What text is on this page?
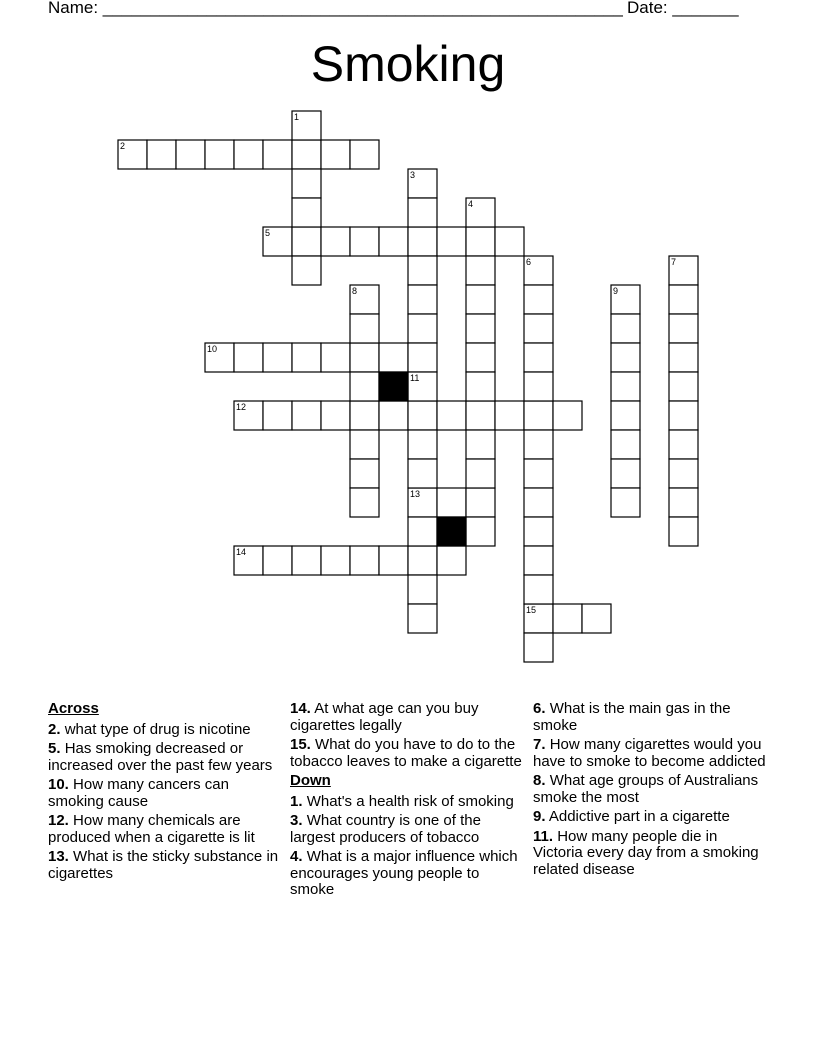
Name: _______________________________________________________ Date: _______
Smoking
1
2
3
4
5
6	7
8	9
10
11
12
13
14
15
Across
2. what type of drug is nicotine
5. Has smoking decreased or increased over the past few years
10. How many cancers can smoking cause
12. How many chemicals are produced when a cigarette is lit
13. What is the sticky substance in cigarettes
14. At what age can you buy cigarettes legally
15. What do you have to do to the tobacco leaves to make a cigarette
Down
1. What's a health risk of smoking
3. What country is one of the largest producers of tobacco
4. What is a major influence which encourages young people to smoke
6. What is the main gas in the smoke
7. How many cigarettes would you have to smoke to become addicted
8. What age groups of Australians smoke the most
9. Addictive part in a cigarette
11. How many people die in Victoria every day from a smoking related disease
